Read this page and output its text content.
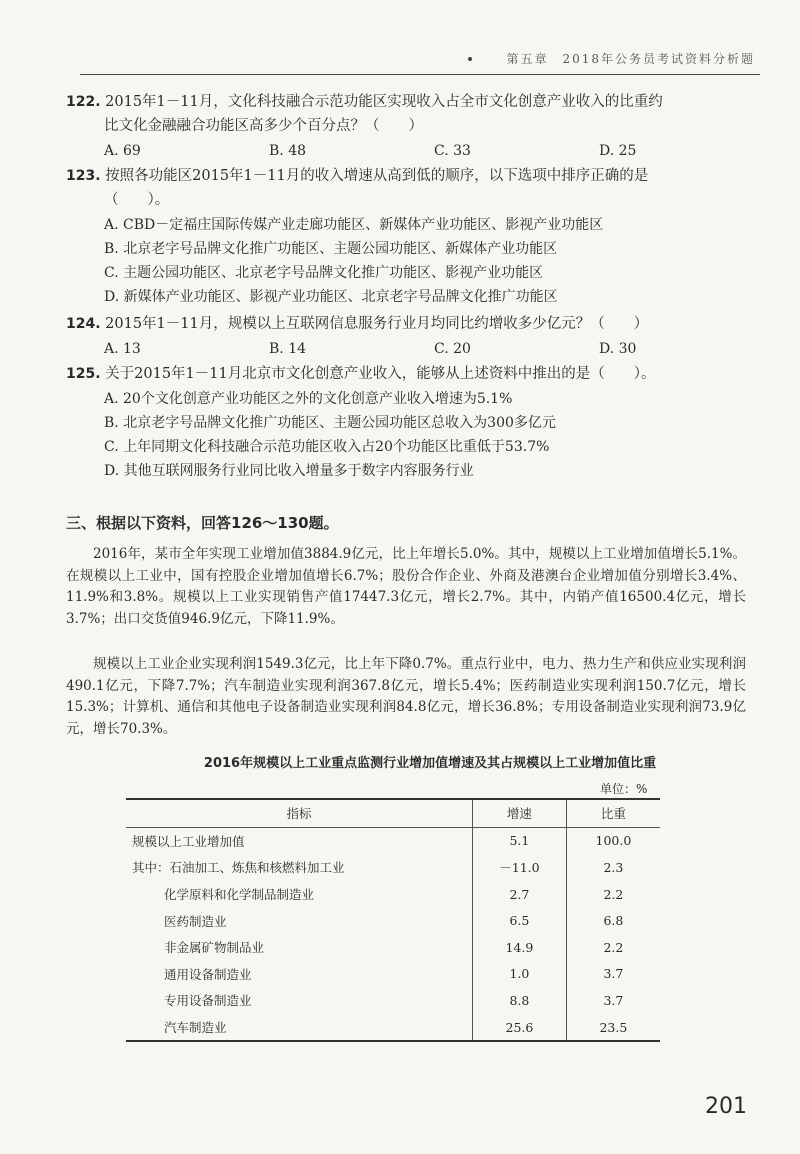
第五章　2018年公务员考试资料分析题
122. 2015年1－11月，文化科技融合示范功能区实现收入占全市文化创意产业收入的比重约
比文化金融融合功能区高多少个百分点？（　　）
A. 69	B. 48	C. 33	D. 25
123. 按照各功能区2015年1－11月的收入增速从高到低的顺序，以下选项中排序正确的是
（　　）。
A. CBD－定福庄国际传媒产业走廊功能区、新媒体产业功能区、影视产业功能区
B. 北京老字号品牌文化推广功能区、主题公园功能区、新媒体产业功能区
C. 主题公园功能区、北京老字号品牌文化推广功能区、影视产业功能区
D. 新媒体产业功能区、影视产业功能区、北京老字号品牌文化推广功能区
124. 2015年1－11月，规模以上互联网信息服务行业月均同比约增收多少亿元？（　　）
A. 13	B. 14	C. 20	D. 30
125. 关于2015年1－11月北京市文化创意产业收入，能够从上述资料中推出的是（　　）。
A. 20个文化创意产业功能区之外的文化创意产业收入增速为5.1%
B. 北京老字号品牌文化推广功能区、主题公园功能区总收入为300多亿元
C. 上年同期文化科技融合示范功能区收入占20个功能区比重低于53.7%
D. 其他互联网服务行业同比收入增量多于数字内容服务行业
三、根据以下资料，回答126～130题。
2016年，某市全年实现工业增加值3884.9亿元，比上年增长5.0%。其中，规模以上工业增加值增长5.1%。在规模以上工业中，国有控股企业增加值增长6.7%；股份合作企业、外商及港澳台企业增加值分别增长3.4%、11.9%和3.8%。规模以上工业实现销售产值17447.3亿元，增长2.7%。其中，内销产值16500.4亿元，增长3.7%；出口交货值946.9亿元，下降11.9%。
规模以上工业企业实现利润1549.3亿元，比上年下降0.7%。重点行业中，电力、热力生产和供应业实现利润490.1亿元，下降7.7%；汽车制造业实现利润367.8亿元，增长5.4%；医药制造业实现利润150.7亿元，增长15.3%；计算机、通信和其他电子设备制造业实现利润84.8亿元，增长36.8%；专用设备制造业实现利润73.9亿元，增长70.3%。
2016年规模以上工业重点监测行业增加值增速及其占规模以上工业增加值比重
单位：%
指标	增速	比重
规模以上工业增加值	5.1	100.0
其中：石油加工、炼焦和核燃料加工业	－11.0	2.3
化学原料和化学制品制造业	2.7	2.2
医药制造业	6.5	6.8
非金属矿物制品业	14.9	2.2
通用设备制造业	1.0	3.7
专用设备制造业	8.8	3.7
汽车制造业	25.6	23.5
201
